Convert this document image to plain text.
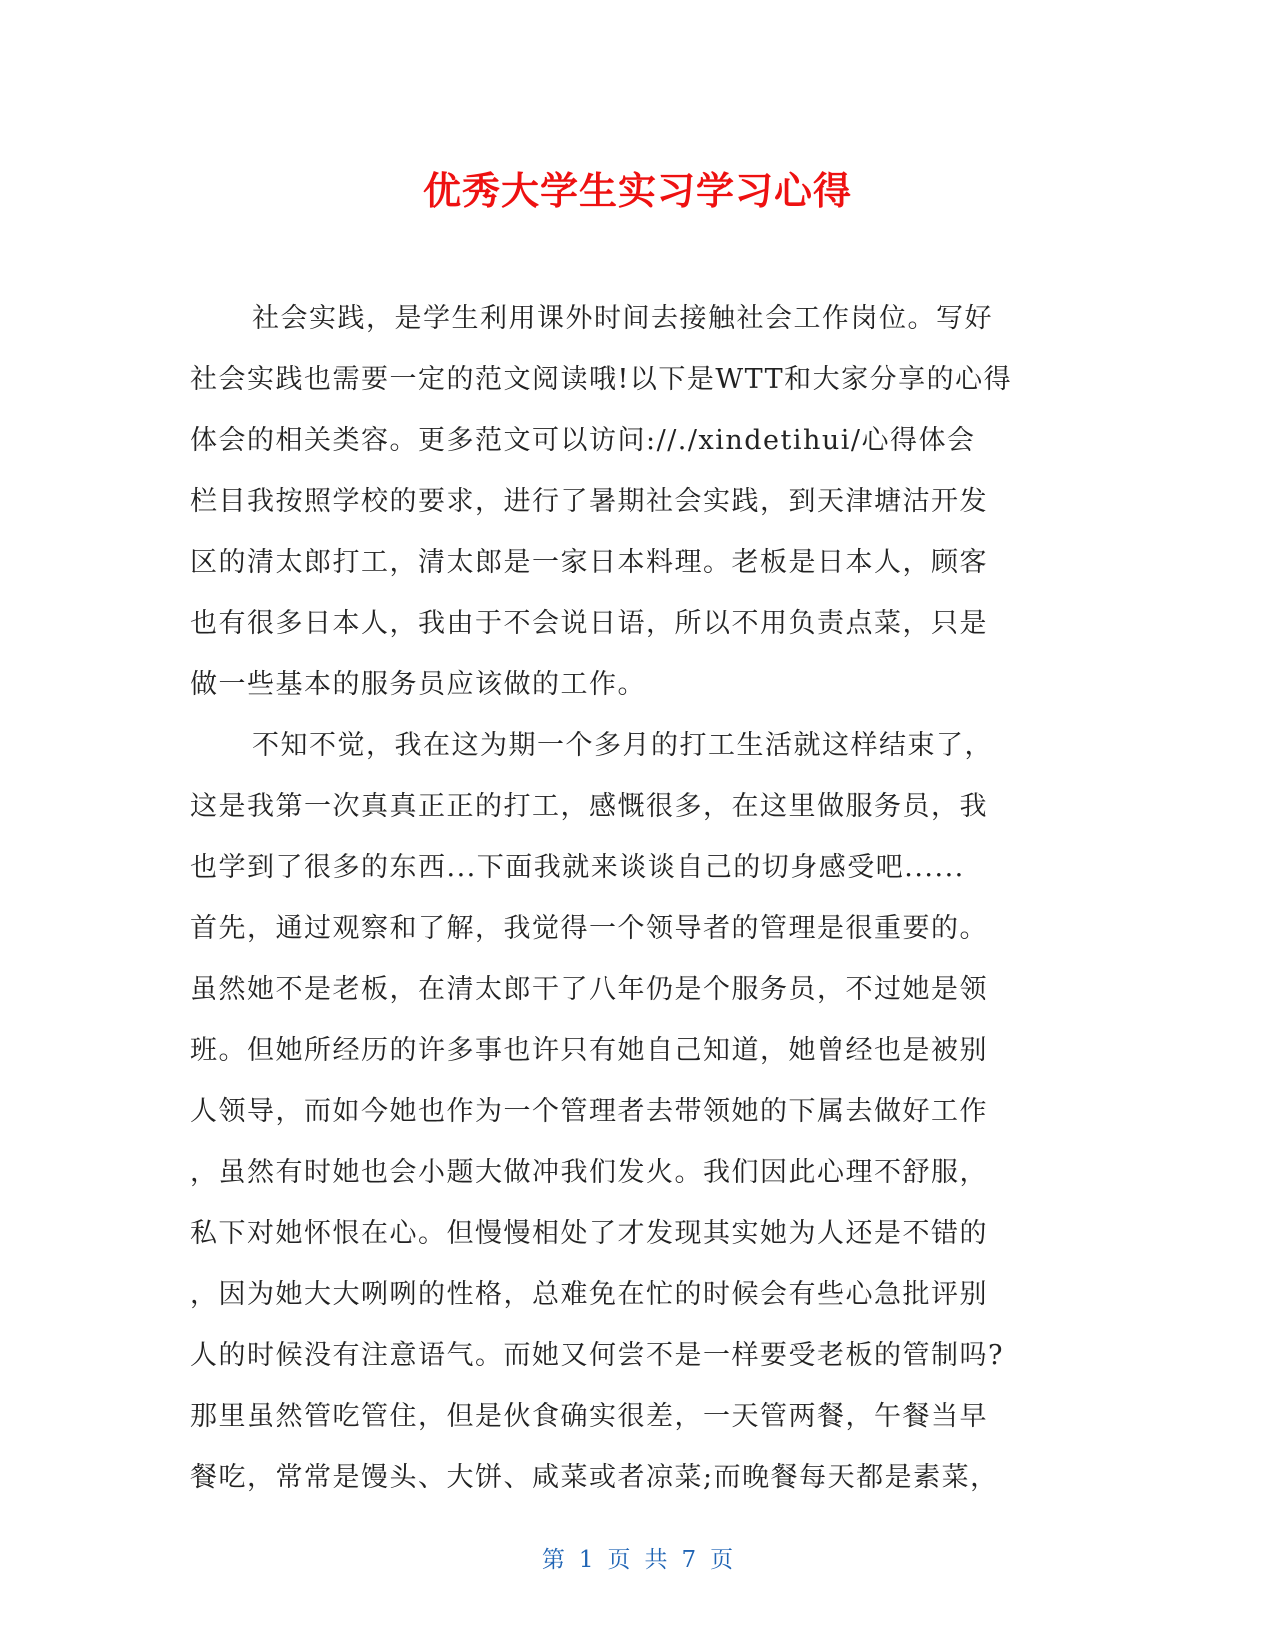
优秀大学生实习学习心得
社会实践，是学生利用课外时间去接触社会工作岗位。写好
社会实践也需要一定的范文阅读哦!以下是WTT和大家分享的心得
体会的相关类容。更多范文可以访问://./xindetihui/心得体会
栏目我按照学校的要求，进行了暑期社会实践，到天津塘沽开发
区的清太郎打工，清太郎是一家日本料理。老板是日本人，顾客
也有很多日本人，我由于不会说日语，所以不用负责点菜，只是
做一些基本的服务员应该做的工作。
不知不觉，我在这为期一个多月的打工生活就这样结束了，
这是我第一次真真正正的打工，感慨很多，在这里做服务员，我
也学到了很多的东西...下面我就来谈谈自己的切身感受吧......
首先，通过观察和了解，我觉得一个领导者的管理是很重要的。
虽然她不是老板，在清太郎干了八年仍是个服务员，不过她是领
班。但她所经历的许多事也许只有她自己知道，她曾经也是被别
人领导，而如今她也作为一个管理者去带领她的下属去做好工作
，虽然有时她也会小题大做冲我们发火。我们因此心理不舒服，
私下对她怀恨在心。但慢慢相处了才发现其实她为人还是不错的
，因为她大大咧咧的性格，总难免在忙的时候会有些心急批评别
人的时候没有注意语气。而她又何尝不是一样要受老板的管制吗?
那里虽然管吃管住，但是伙食确实很差，一天管两餐，午餐当早
餐吃，常常是馒头、大饼、咸菜或者凉菜;而晚餐每天都是素菜，
第 1 页 共 7 页
